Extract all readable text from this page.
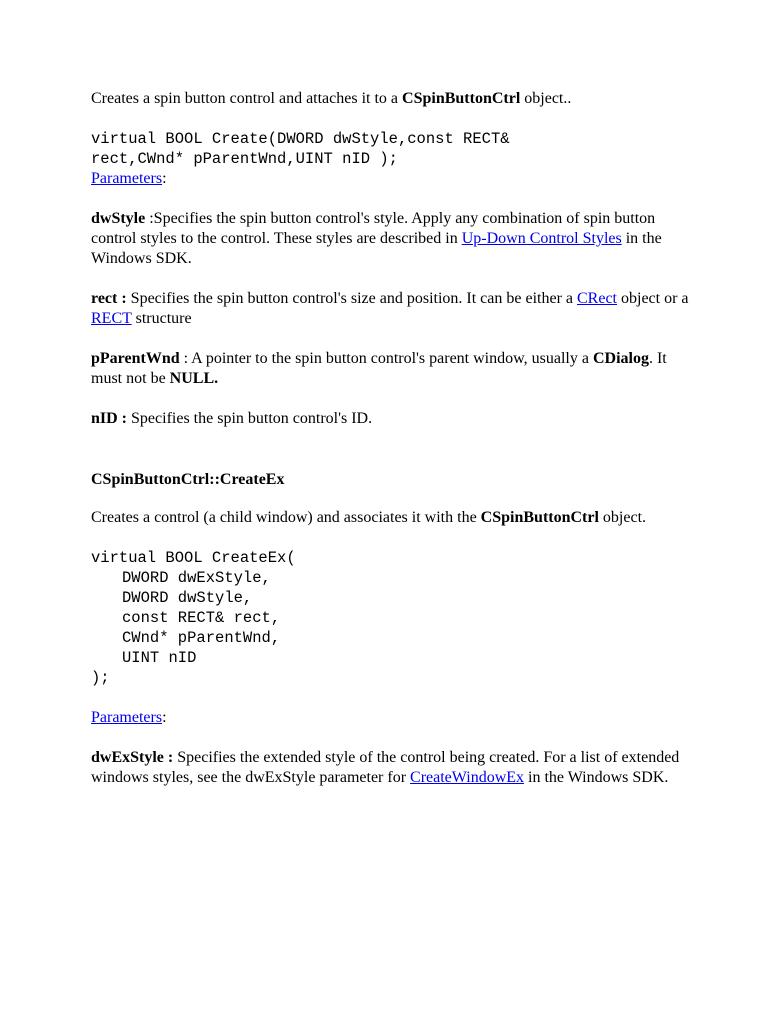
Creates a spin button control and attaches it to a CSpinButtonCtrl object..

virtual BOOL Create(DWORD dwStyle,const RECT&
rect,CWnd* pParentWnd,UINT nID );

Parameters:

dwStyle :Specifies the spin button control's style. Apply any combination of spin button control styles to the control. These styles are described in Up-Down Control Styles in the Windows SDK.

rect : Specifies the spin button control's size and position. It can be either a CRect object or a RECT structure

pParentWnd : A pointer to the spin button control's parent window, usually a CDialog. It must not be NULL.

nID : Specifies the spin button control's ID.

CSpinButtonCtrl::CreateEx

Creates a control (a child window) and associates it with the CSpinButtonCtrl object.

virtual BOOL CreateEx(
DWORD dwExStyle,
DWORD dwStyle,
const RECT& rect,
CWnd* pParentWnd,
UINT nID
);

Parameters:

dwExStyle : Specifies the extended style of the control being created. For a list of extended windows styles, see the dwExStyle parameter for CreateWindowEx in the Windows SDK.
